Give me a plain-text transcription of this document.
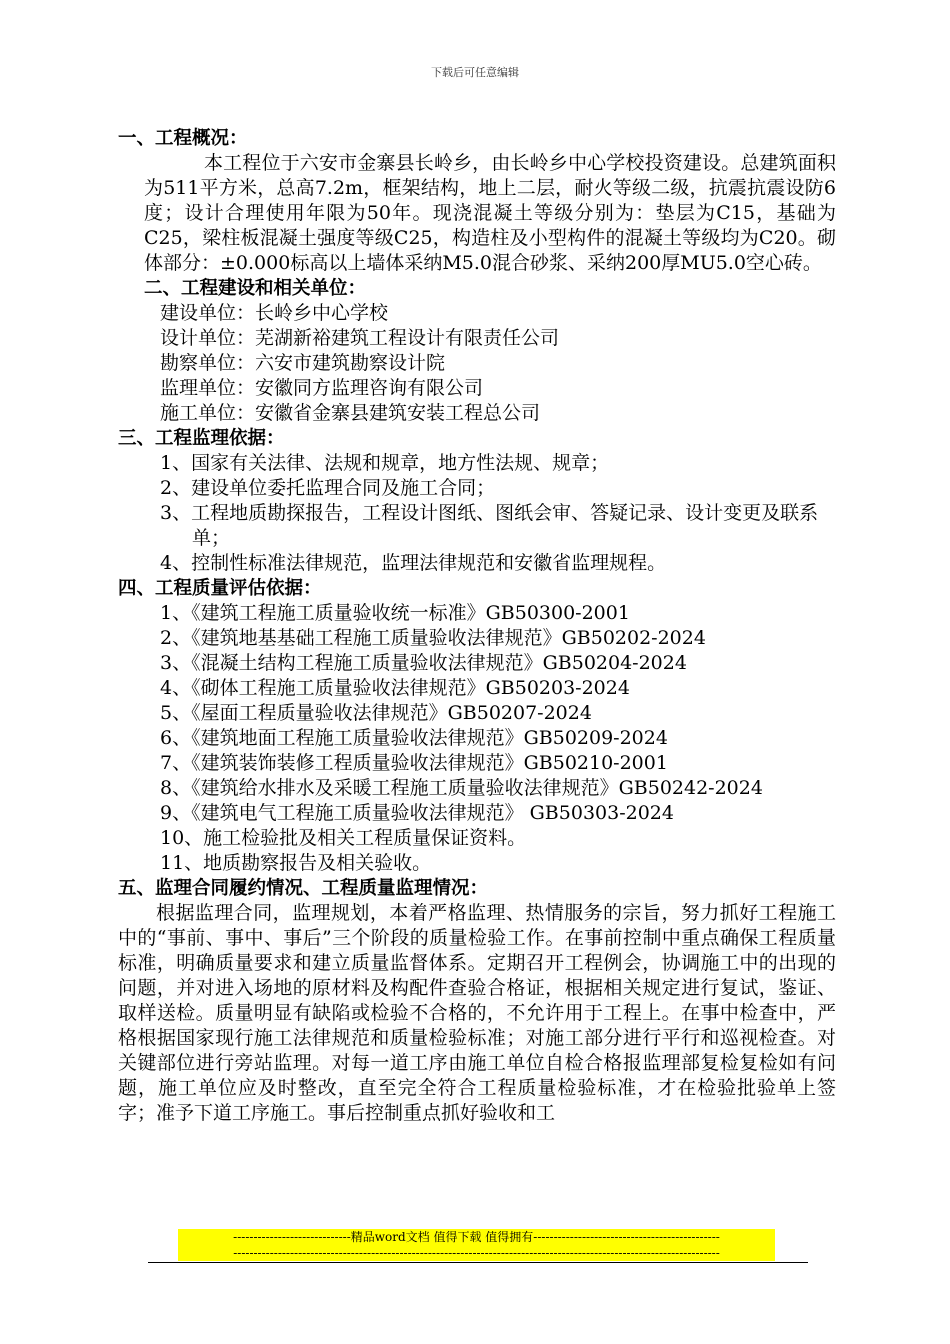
下载后可任意编辑
一、工程概况：

本工程位于六安市金寨县长岭乡，由长岭乡中心学校投资建设。总建筑面积为511平方米，总高7.2m，框架结构，地上二层，耐火等级二级，抗震抗震设防6度；设计合理使用年限为50年。现浇混凝土等级分别为：垫层为C15，基础为C25，梁柱板混凝土强度等级C25，构造柱及小型构件的混凝土等级均为C20。砌体部分：±0.000标高以上墙体采纳M5.0混合砂浆、采纳200厚MU5.0空心砖。

二、工程建设和相关单位：
建设单位：长岭乡中心学校
设计单位：芜湖新裕建筑工程设计有限责任公司
勘察单位：六安市建筑勘察设计院
监理单位：安徽同方监理咨询有限公司
施工单位：安徽省金寨县建筑安装工程总公司
三、工程监理依据：
1、国家有关法律、法规和规章，地方性法规、规章；
2、建设单位委托监理合同及施工合同；
3、工程地质勘探报告，工程设计图纸、图纸会审、答疑记录、设计变更及联系单；
4、控制性标准法律规范，监理法律规范和安徽省监理规程。
四、工程质量评估依据：
1、《建筑工程施工质量验收统一标准》GB50300-2001
2、《建筑地基基础工程施工质量验收法律规范》GB50202-2024
3、《混凝土结构工程施工质量验收法律规范》GB50204-2024
4、《砌体工程施工质量验收法律规范》GB50203-2024
5、《屋面工程质量验收法律规范》GB50207-2024
6、《建筑地面工程施工质量验收法律规范》GB50209-2024
7、《建筑装饰装修工程质量验收法律规范》GB50210-2001
8、《建筑给水排水及采暖工程施工质量验收法律规范》GB50242-2024
9、《建筑电气工程施工质量验收法律规范》 GB50303-2024
10、施工检验批及相关工程质量保证资料。
11、地质勘察报告及相关验收。
五、监理合同履约情况、工程质量监理情况：

根据监理合同，监理规划，本着严格监理、热情服务的宗旨，努力抓好工程施工中的“事前、事中、事后”三个阶段的质量检验工作。在事前控制中重点确保工程质量标准，明确质量要求和建立质量监督体系。定期召开工程例会，协调施工中的出现的问题，并对进入场地的原材料及构配件查验合格证，根据相关规定进行复试，鉴证、取样送检。质量明显有缺陷或检验不合格的，不允许用于工程上。在事中检查中，严格根据国家现行施工法律规范和质量检验标准；对施工部分进行平行和巡视检查。对关键部位进行旁站监理。对每一道工序由施工单位自检合格报监理部复检复检如有问题，施工单位应及时整改，直至完全符合工程质量检验标准，才在检验批验单上签字；准予下道工序施工。事后控制重点抓好验收和工

-----------------------------精品word文档 值得下载 值得拥有----------------------------------------------
------------------------------------------------------------------------------------------------------------------------
